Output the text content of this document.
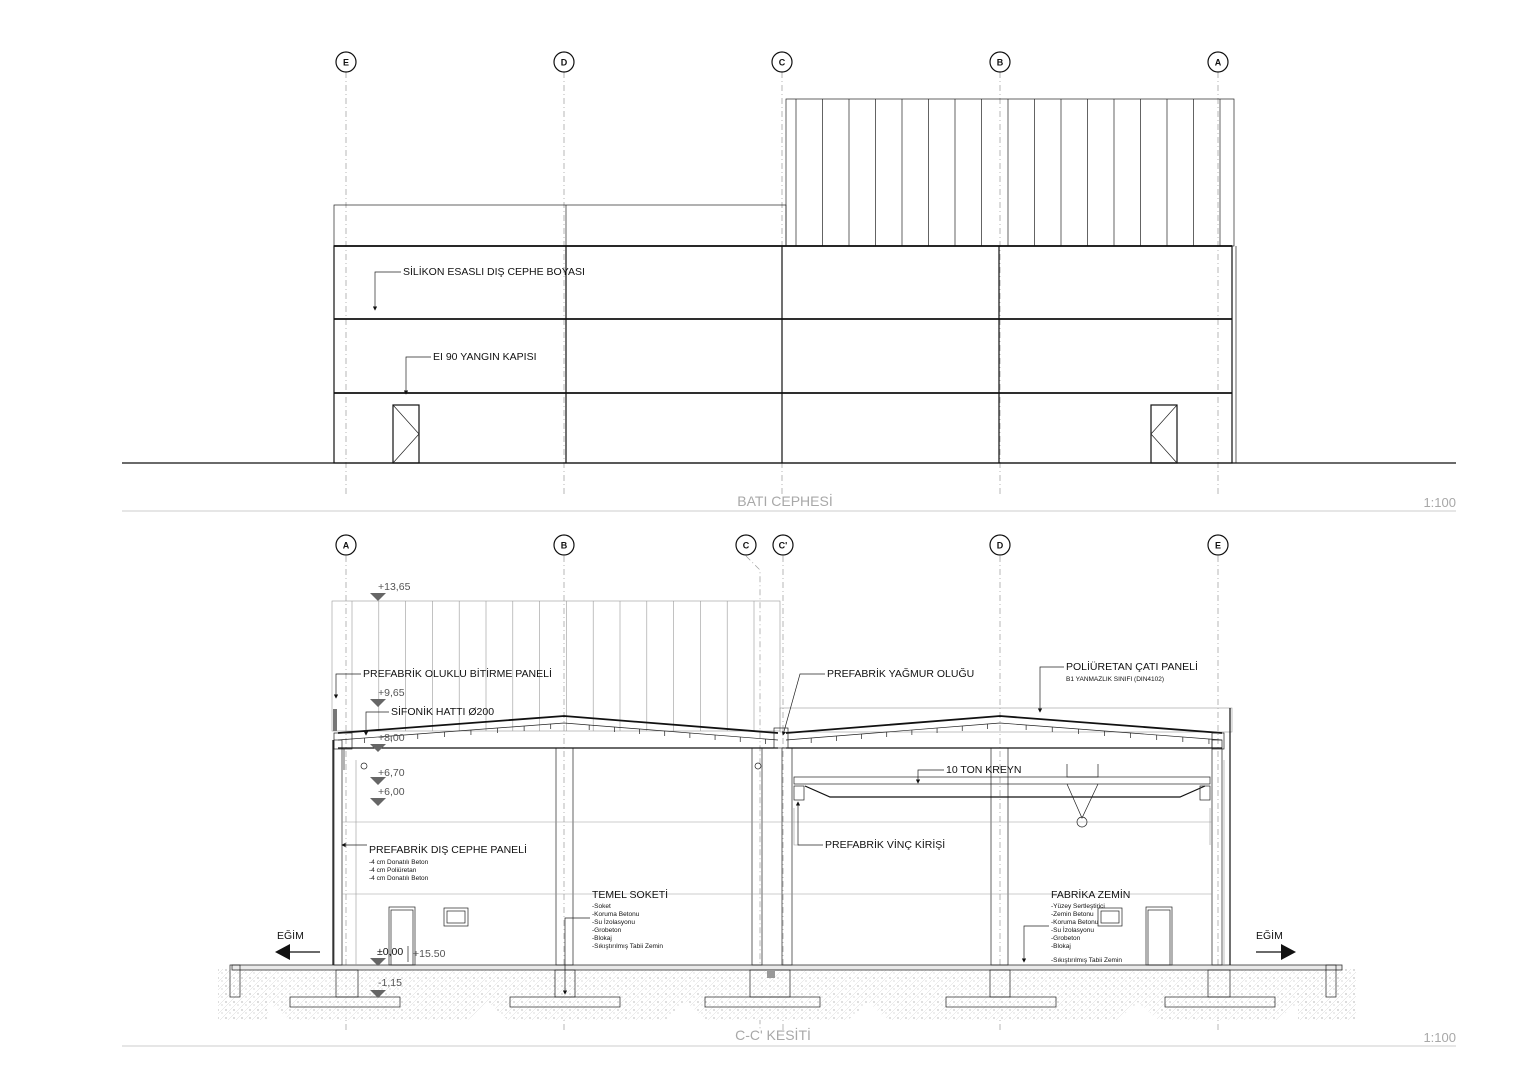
E	D	C	B	A
SİLİKON ESASLI DIŞ CEPHE BOYASI
EI 90 YANGIN KAPISI
BATI CEPHESİ	1:100
A	B	C	C'	D	E
+13,65
+9,65
+8,00
+6,70
+6,00
±0,00 +15.50
-1,15
PREFABRİK OLUKLU BİTİRME PANELİ
SİFONİK HATTI Ø200
PREFABRİK YAĞMUR OLUĞU
POLİÜRETAN ÇATI PANELİ
B1 YANMAZLIK SINIFI (DIN4102)
10 TON KREYN
PREFABRİK VİNÇ KİRİŞİ
PREFABRİK DIŞ CEPHE PANELİ
-4 cm Donatılı Beton
-4 cm Poliüretan
-4 cm Donatılı Beton
TEMEL SOKETİ
-Soket
-Koruma Betonu
-Su İzolasyonu
-Grobeton
-Blokaj
-Sıkıştırılmış Tabii Zemin
FABRİKA ZEMİN
-Yüzey Sertleştirici
-Zemin Betonu
-Koruma Betonu
-Su İzolasyonu
-Grobeton
-Blokaj
-Sıkıştırılmış Tabii Zemin
EĞİM	EĞİM
C-C' KESİTİ	1:100
